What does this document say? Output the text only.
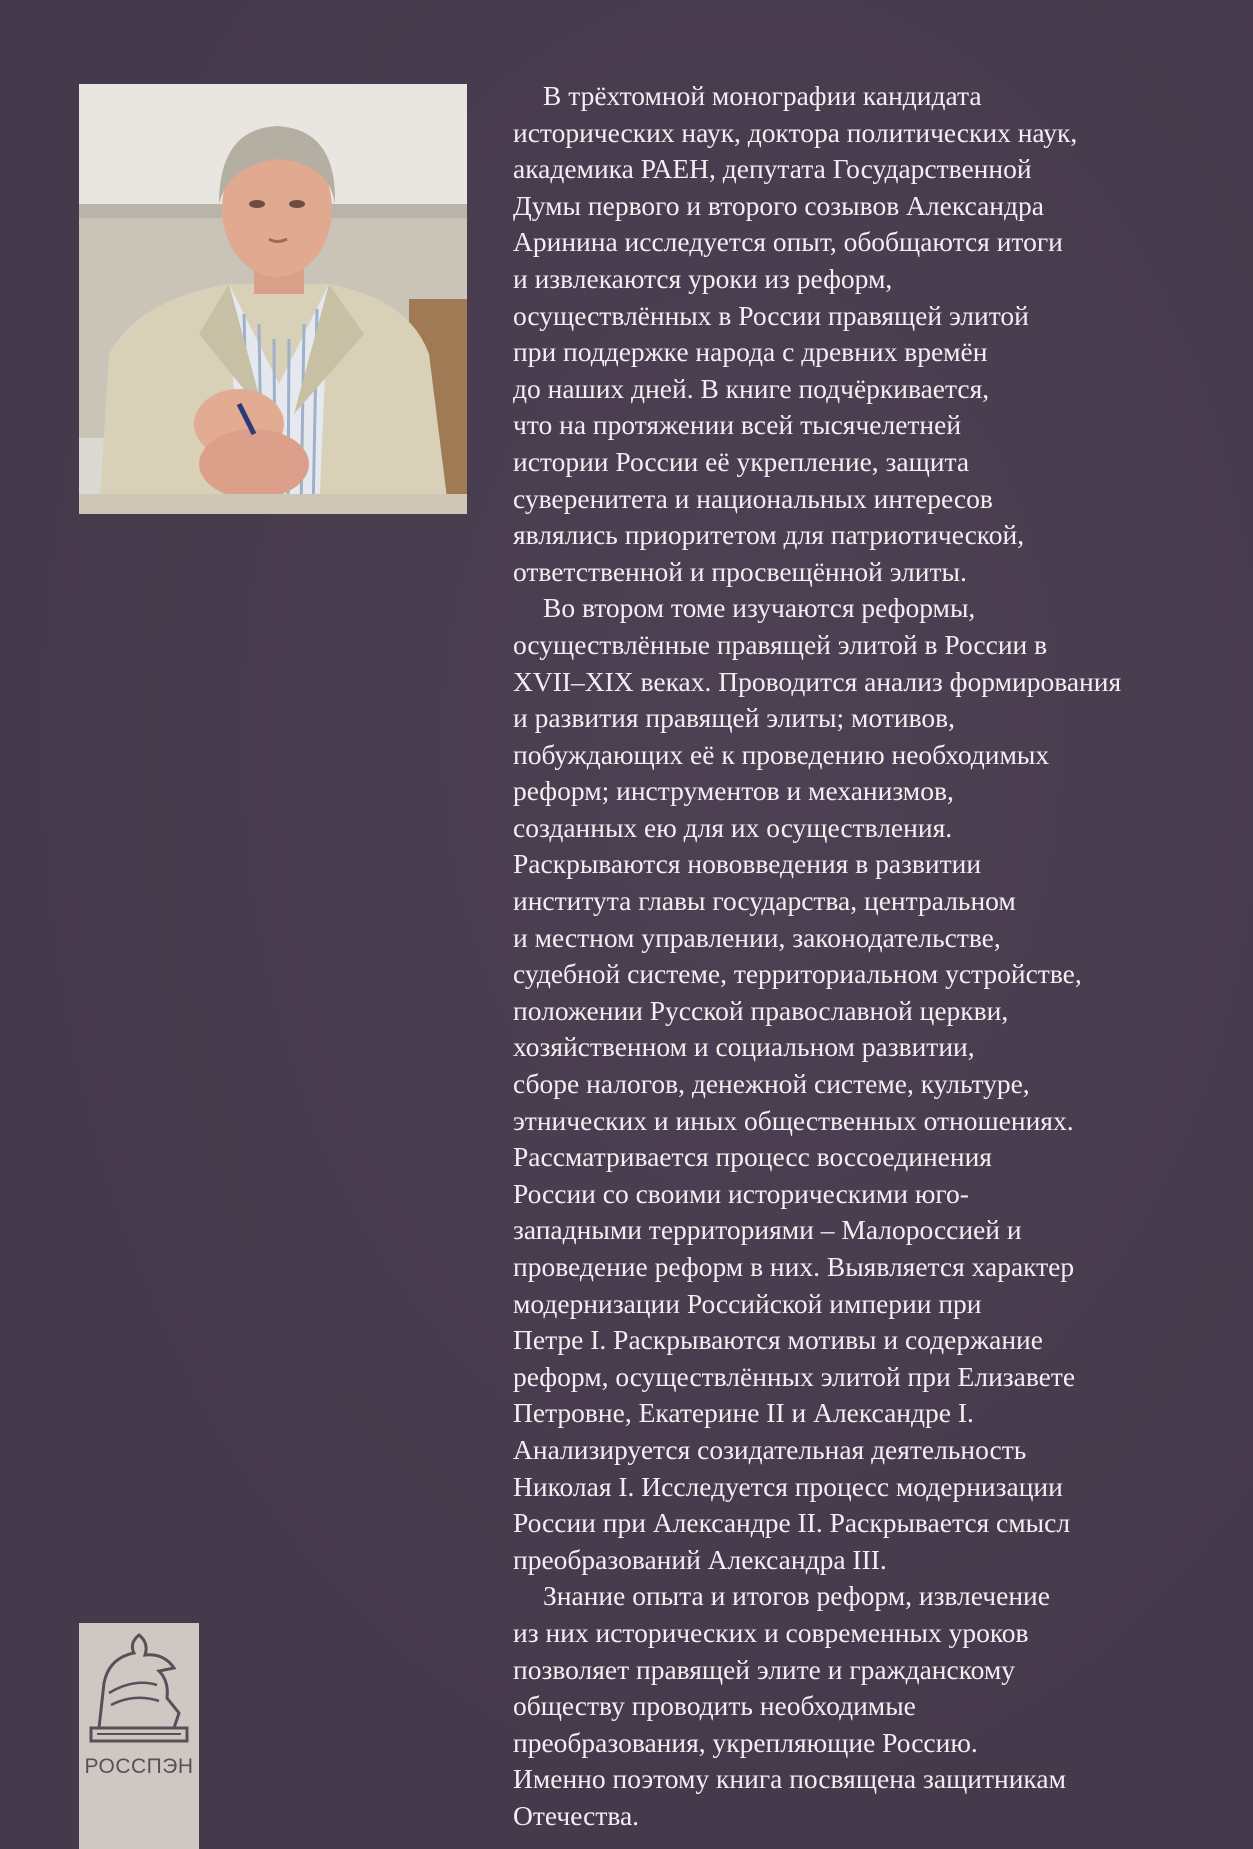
В трёхтомной монографии кандидата

исторических наук, доктора политических наук,

академика РАЕН, депутата Государственной

Думы первого и второго созывов Александра

Аринина исследуется опыт, обобщаются итоги

и извлекаются уроки из реформ,

осуществлённых в России правящей элитой

при поддержке народа с древних времён

до наших дней. В книге подчёркивается,

что на протяжении всей тысячелетней

истории России её укрепление, защита

суверенитета и национальных интересов

являлись приоритетом для патриотической,

ответственной и просвещённой элиты.

Во втором томе изучаются реформы,

осуществлённые правящей элитой в России в

XVII–XIX веках. Проводится анализ формирования

и развития правящей элиты; мотивов,

побуждающих её к проведению необходимых

реформ; инструментов и механизмов,

созданных ею для их осуществления.

Раскрываются нововведения в развитии

института главы государства, центральном

и местном управлении, законодательстве,

судебной системе, территориальном устройстве,

положении Русской православной церкви,

хозяйственном и социальном развитии,

сборе налогов, денежной системе, культуре,

этнических и иных общественных отношениях.

Рассматривается процесс воссоединения

России со своими историческими юго-

западными территориями – Малороссией и

проведение реформ в них. Выявляется характер

модернизации Российской империи при

Петре I. Раскрываются мотивы и содержание

реформ, осуществлённых элитой при Елизавете

Петровне, Екатерине II и Александре I.

Анализируется созидательная деятельность

Николая I. Исследуется процесс модернизации

России при Александре II. Раскрывается смысл

преобразований Александра III.

Знание опыта и итогов реформ, извлечение

из них исторических и современных уроков

позволяет правящей элите и гражданскому

обществу проводить необходимые

преобразования, укрепляющие Россию.

Именно поэтому книга посвящена защитникам

Отечества.

РОССПЭН
